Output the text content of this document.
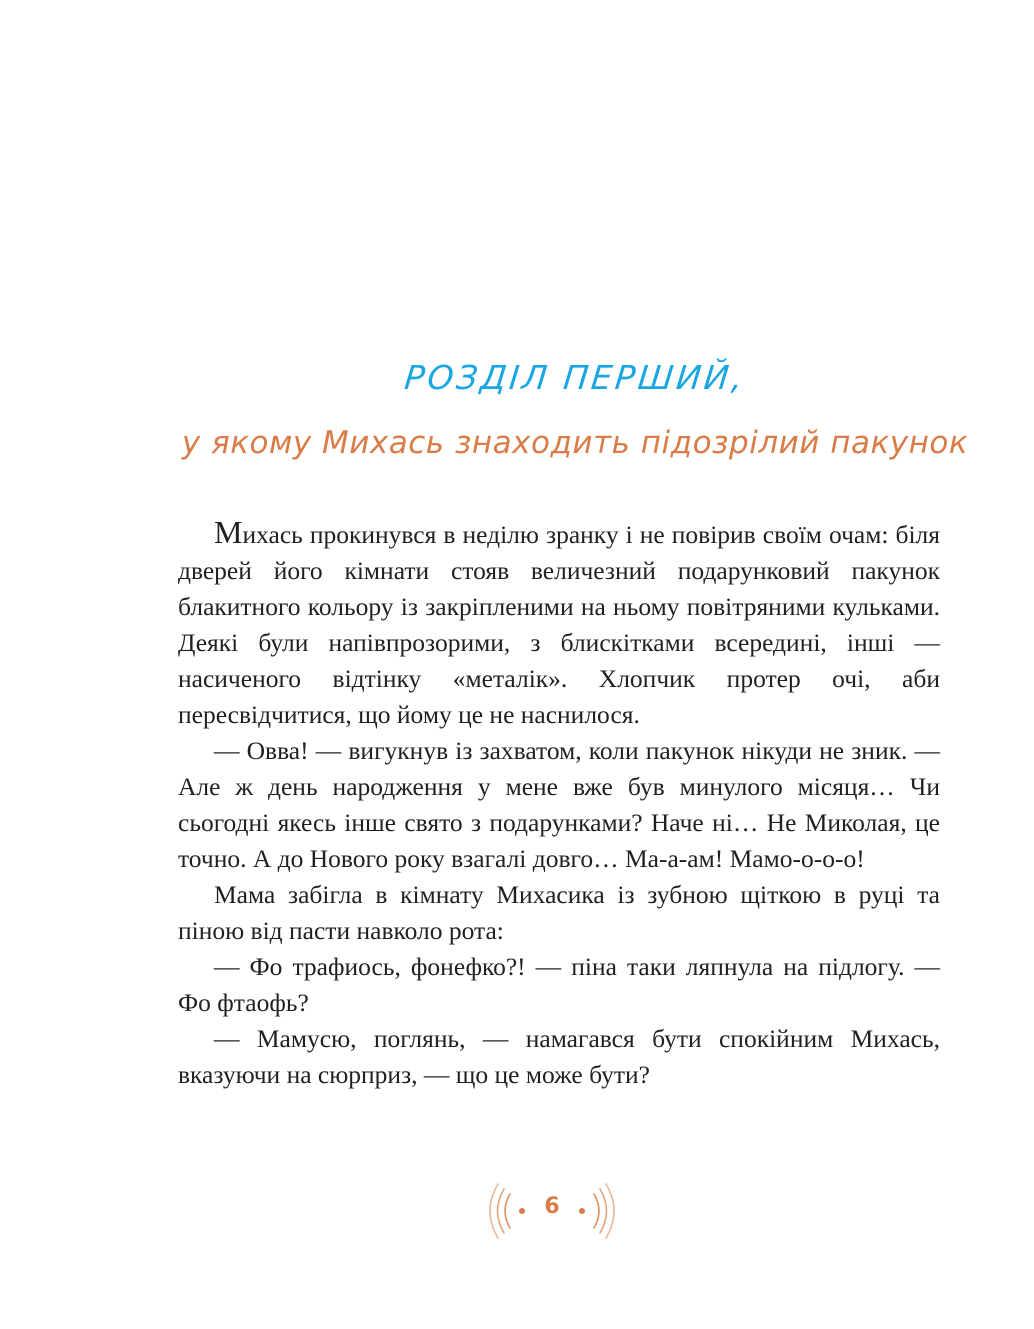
РОЗДІЛ ПЕРШИЙ,
у якому Михась знаходить підозрілий пакунок

Михась прокинувся в неділю зранку і не повірив своїм очам: біля дверей його кімнати стояв величезний подарунковий пакунок блакитного кольору із закріпленими на ньому повітряними кульками. Деякі були напівпрозорими, з блискітками всередині, інші — насиченого відтінку «металік». Хлопчик протер очі, аби пересвідчитися, що йому це не наснилося.

— Овва! — вигукнув із захватом, коли пакунок нікуди не зник. — Але ж день народження у мене вже був минулого місяця… Чи сьогодні якесь інше свято з подарунками? Наче ні… Не Миколая, це точно. А до Нового року взагалі довго… Ма-а-ам! Мамо-о-о-о!

Мама забігла в кімнату Михасика із зубною щіткою в руці та піною від пасти навколо рота:

— Фо трафиось, фонефко?! — піна таки ляпнула на підлогу. — Фо фтаофь?

— Мамусю, поглянь, — намагався бути спокійним Михась, вказуючи на сюрприз, — що це може бути?

6
